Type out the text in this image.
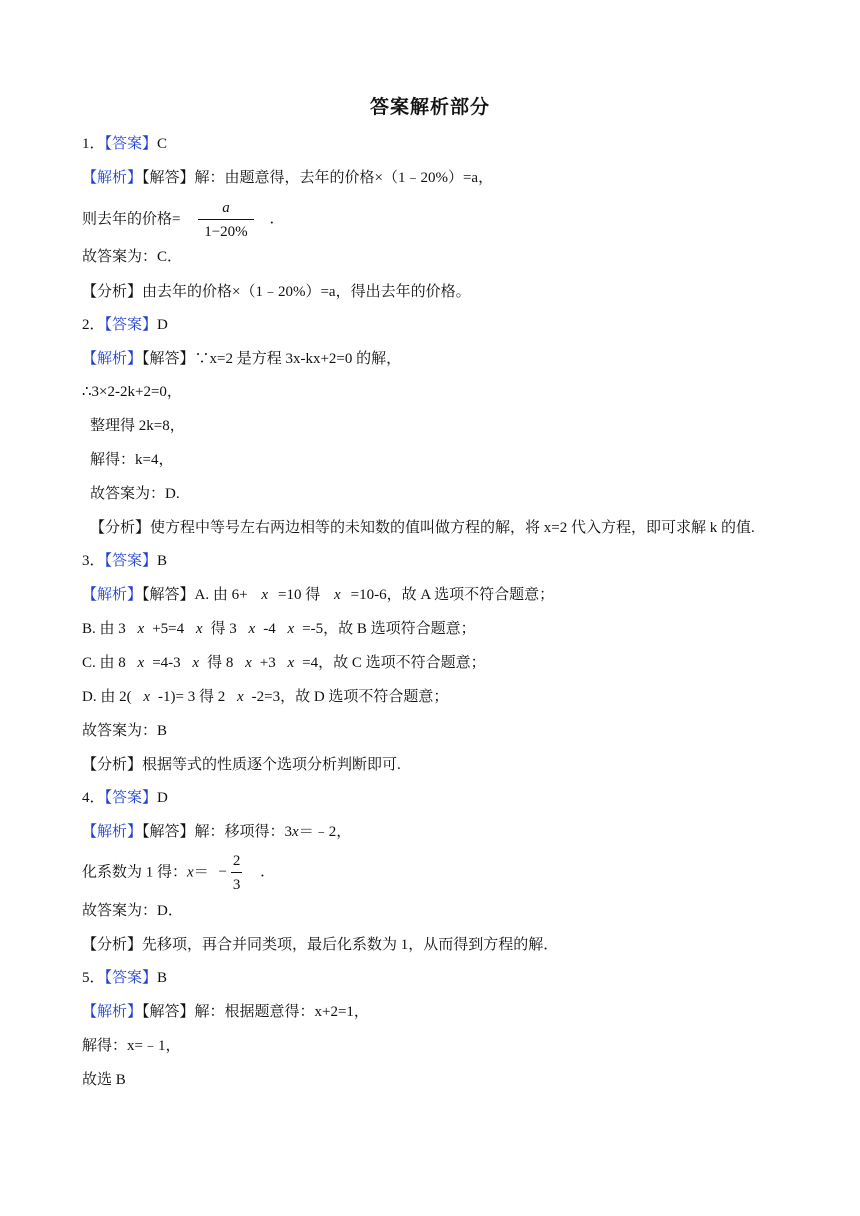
答案解析部分
1．【答案】C
【解析】【解答】解：由题意得，去年的价格×（1﹣20%）=a，
则去年的价格= $\frac{a}{1-20\%}$ ．
故答案为：C．
【分析】由去年的价格×（1﹣20%）=a，得出去年的价格。
2．【答案】D
【解析】【解答】∵x=2 是方程 3x-kx+2=0 的解，
∴3×2-2k+2=0，
整理得 2k=8，
解得：k=4，
故答案为：D.
【分析】使方程中等号左右两边相等的未知数的值叫做方程的解，将 x=2 代入方程，即可求解 k 的值.
3．【答案】B
【解析】【解答】A. 由 6+ x =10 得 x =10-6，故 A 选项不符合题意；
B. 由 3 x +5=4 x 得 3 x -4 x =-5，故 B 选项符合题意；
C. 由 8 x =4-3 x 得 8 x +3 x =4，故 C 选项不符合题意；
D. 由 2( x -1)= 3 得 2 x -2=3，故 D 选项不符合题意；
故答案为：B
【分析】根据等式的性质逐个选项分析判断即可.
4．【答案】D
【解析】【解答】解：移项得：3x＝﹣2，
化系数为 1 得：$x= - \frac{2}{3}$ ．
故答案为：D．
【分析】先移项，再合并同类项，最后化系数为 1，从而得到方程的解．
5．【答案】B
【解析】【解答】解：根据题意得：x+2=1，
解得：x=﹣1，
故选 B
